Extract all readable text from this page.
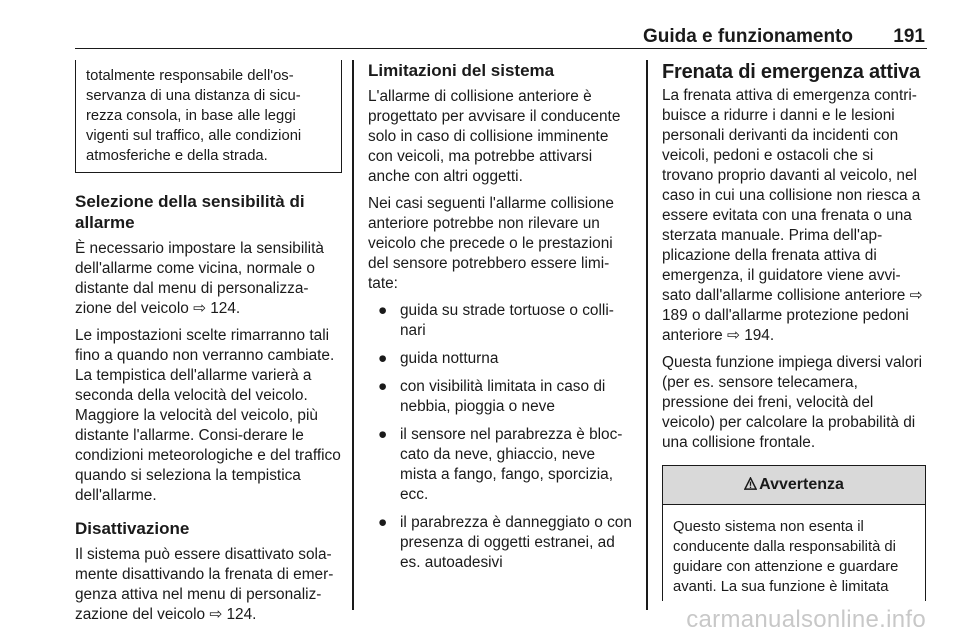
Guida e funzionamento 191

totalmente responsabile dell'os-servanza di una distanza di sicu-rezza consola, in base alle leggi vigenti sul traffico, alle condizioni atmosferiche e della strada.

Selezione della sensibilità di allarme

È necessario impostare la sensibilità dell'allarme come vicina, normale o distante dal menu di personalizza-zione del veicolo ⇨ 124.

Le impostazioni scelte rimarranno tali fino a quando non verranno cambiate. La tempistica dell'allarme varierà a seconda della velocità del veicolo. Maggiore la velocità del veicolo, più distante l'allarme. Consi-derare le condizioni meteorologiche e del traffico quando si seleziona la tempistica dell'allarme.

Disattivazione

Il sistema può essere disattivato sola-mente disattivando la frenata di emer-genza attiva nel menu di personaliz-zazione del veicolo ⇨ 124.

Limitazioni del sistema

L'allarme di collisione anteriore è progettato per avvisare il conducente solo in caso di collisione imminente con veicoli, ma potrebbe attivarsi anche con altri oggetti.

Nei casi seguenti l'allarme collisione anteriore potrebbe non rilevare un veicolo che precede o le prestazioni del sensore potrebbero essere limi-tate:

● guida su strade tortuose o colli-nari
● guida notturna
● con visibilità limitata in caso di nebbia, pioggia o neve
● il sensore nel parabrezza è bloc-cato da neve, ghiaccio, neve mista a fango, fango, sporcizia, ecc.
● il parabrezza è danneggiato o con presenza di oggetti estranei, ad es. autoadesivi
Frenata di emergenza attiva

La frenata attiva di emergenza contri-buisce a ridurre i danni e le lesioni personali derivanti da incidenti con veicoli, pedoni e ostacoli che si trovano proprio davanti al veicolo, nel caso in cui una collisione non riesca a essere evitata con una frenata o una sterzata manuale. Prima dell'ap-plicazione della frenata attiva di emergenza, il guidatore viene avvi-sato dall'allarme collisione anteriore ⇨ 189 o dall'allarme protezione pedoni anteriore ⇨ 194.

Questa funzione impiega diversi valori (per es. sensore telecamera, pressione dei freni, velocità del veicolo) per calcolare la probabilità di una collisione frontale.

Avvertenza

Questo sistema non esenta il conducente dalla responsabilità di guidare con attenzione e guardare avanti. La sua funzione è limitata

carmanualsonline.info
